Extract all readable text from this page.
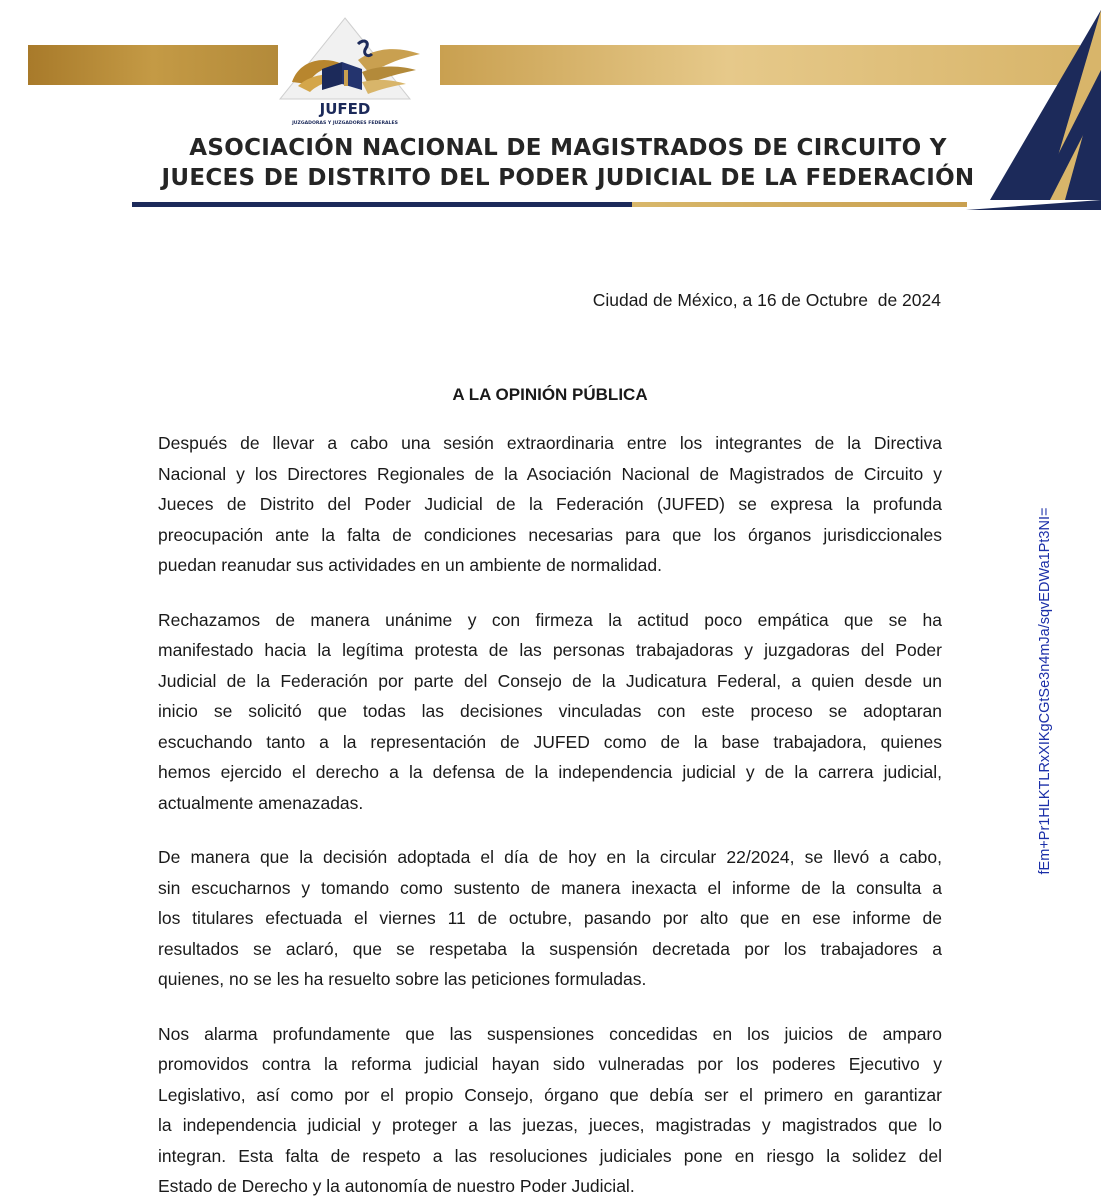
JUFED
JUZGADORAS Y JUZGADORES FEDERALES
ASOCIACIÓN NACIONAL DE MAGISTRADOS DE CIRCUITO Y
JUECES DE DISTRITO DEL PODER JUDICIAL DE LA FEDERACIÓN
Ciudad de México, a 16 de Octubre  de 2024
A LA OPINIÓN PÚBLICA
Después de llevar a cabo una sesión extraordinaria entre los integrantes de la Directiva
Nacional y los Directores Regionales de la Asociación Nacional de Magistrados de Circuito y
Jueces de Distrito del Poder Judicial de la Federación (JUFED) se expresa la profunda
preocupación ante la falta de condiciones necesarias para que los órganos jurisdiccionales
puedan reanudar sus actividades en un ambiente de normalidad.
Rechazamos de manera unánime y con firmeza la actitud poco empática que se ha
manifestado hacia la legítima protesta de las personas trabajadoras y juzgadoras del Poder
Judicial de la Federación por parte del Consejo de la Judicatura Federal, a quien desde un
inicio se solicitó que todas las decisiones vinculadas con este proceso se adoptaran
escuchando tanto a la representación de JUFED como de la base trabajadora, quienes
hemos ejercido el derecho a la defensa de la independencia judicial y de la carrera judicial,
actualmente amenazadas.
De manera que la decisión adoptada el día de hoy en la circular 22/2024, se llevó a cabo,
sin escucharnos y tomando como sustento de manera inexacta el informe de la consulta a
los titulares efectuada el viernes 11 de octubre, pasando por alto que en ese informe de
resultados se aclaró, que se respetaba la suspensión decretada por los trabajadores a
quienes, no se les ha resuelto sobre las peticiones formuladas.
Nos alarma profundamente que las suspensiones concedidas en los juicios de amparo
promovidos contra la reforma judicial hayan sido vulneradas por los poderes Ejecutivo y
Legislativo, así como por el propio Consejo, órgano que debía ser el primero en garantizar
la independencia judicial y proteger a las juezas, jueces, magistradas y magistrados que lo
integran. Esta falta de respeto a las resoluciones judiciales pone en riesgo la solidez del
Estado de Derecho y la autonomía de nuestro Poder Judicial.
fEm+Pr1HLKTLRxXIKgCGtSe3n4mJa/sqvEDWa1Pt3NI=
